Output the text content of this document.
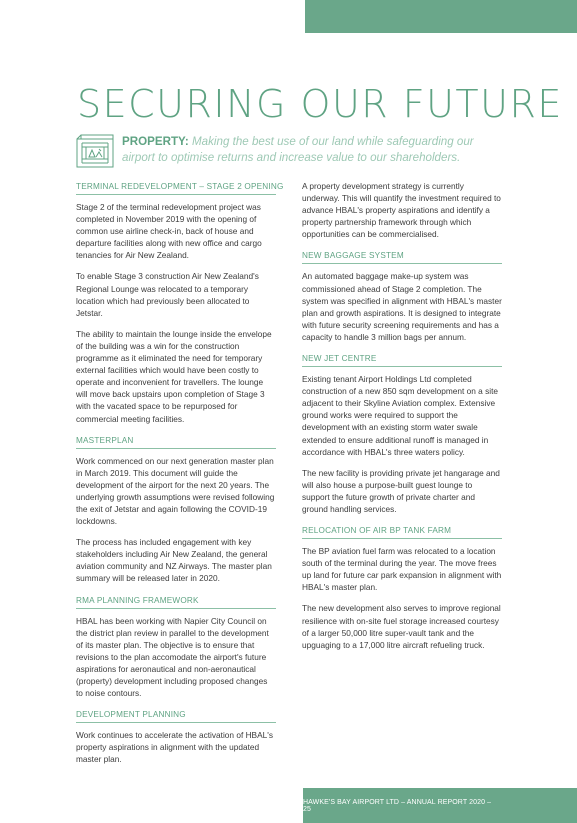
SECURING OUR FUTURE
PROPERTY: Making the best use of our land while safeguarding our airport to optimise returns and increase value to our shareholders.
TERMINAL REDEVELOPMENT – STAGE 2 OPENING

Stage 2 of the terminal redevelopment project was completed in November 2019 with the opening of common use airline check-in, back of house and departure facilities along with new office and cargo tenancies for Air New Zealand.

To enable Stage 3 construction Air New Zealand's Regional Lounge was relocated to a temporary location which had previously been allocated to Jetstar.

The ability to maintain the lounge inside the envelope of the building was a win for the construction programme as it eliminated the need for temporary external facilities which would have been costly to operate and inconvenient for travellers. The lounge will move back upstairs upon completion of Stage 3 with the vacated space to be repurposed for commercial meeting facilities.

MASTERPLAN

Work commenced on our next generation master plan in March 2019. This document will guide the development of the airport for the next 20 years. The underlying growth assumptions were revised following the exit of Jetstar and again following the COVID-19 lockdowns.

The process has included engagement with key stakeholders including Air New Zealand, the general aviation community and NZ Airways. The master plan summary will be released later in 2020.

RMA PLANNING FRAMEWORK

HBAL has been working with Napier City Council on the district plan review in parallel to the development of its master plan. The objective is to ensure that revisions to the plan accomodate the airport's future aspirations for aeronautical and non-aeronautical (property) development including proposed changes to noise contours.

DEVELOPMENT PLANNING

Work continues to accelerate the activation of HBAL's property aspirations in alignment with the updated master plan.

A property development strategy is currently underway. This will quantify the investment required to advance HBAL's property aspirations and identify a property partnership framework through which opportunities can be commercialised.

NEW BAGGAGE SYSTEM

An automated baggage make-up system was commissioned ahead of Stage 2 completion. The system was specified in alignment with HBAL's master plan and growth aspirations. It is designed to integrate with future security screening requirements and has a capacity to handle 3 million bags per annum.

NEW JET CENTRE

Existing tenant Airport Holdings Ltd completed construction of a new 850 sqm development on a site adjacent to their Skyline Aviation complex. Extensive ground works were required to support the development with an existing storm water swale extended to ensure additional runoff is managed in accordance with HBAL's three waters policy.

The new facility is providing private jet hangarage and will also house a purpose-built guest lounge to support the future growth of private charter and ground handling services.

RELOCATION OF AIR BP TANK FARM

The BP aviation fuel farm was relocated to a location south of the terminal during the year. The move frees up land for future car park expansion in alignment with HBAL's master plan.

The new development also serves to improve regional resilience with on-site fuel storage increased courtesy of a larger 50,000 litre super-vault tank and the upguaging to a 17,000 litre aircraft refueling truck.

HAWKE'S BAY AIRPORT LTD – ANNUAL REPORT 2020 – 25
